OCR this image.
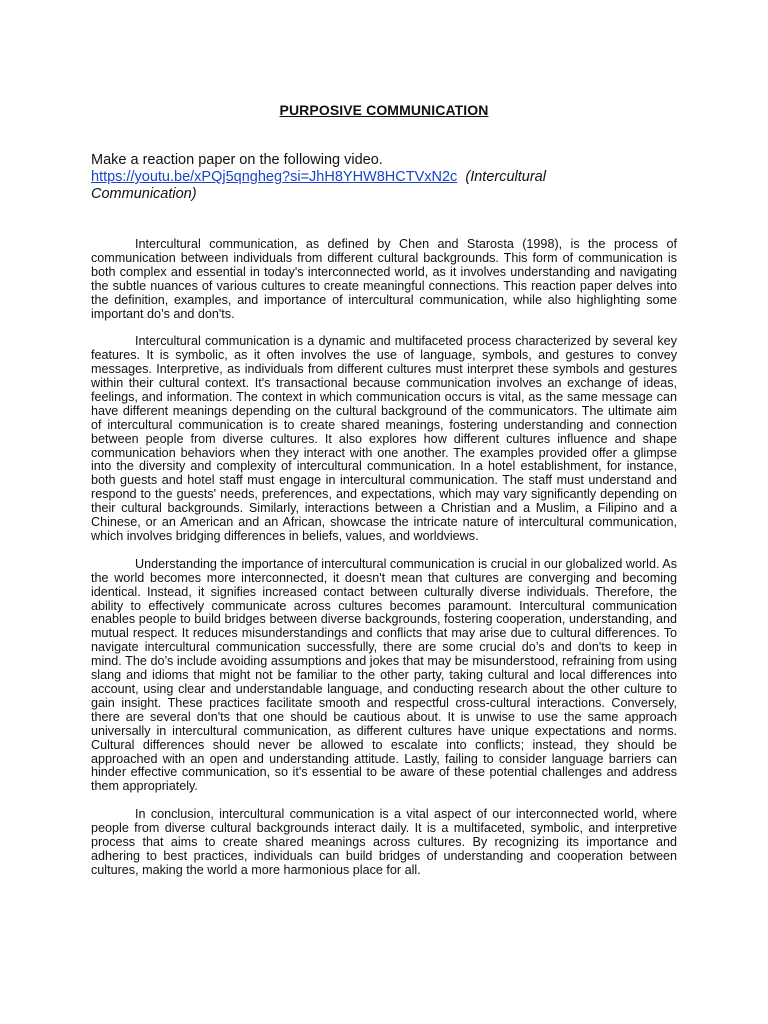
PURPOSIVE COMMUNICATION
Make a reaction paper on the following video.
https://youtu.be/xPQj5qngheg?si=JhH8YHW8HCTVxN2c (Intercultural
Communication)

Intercultural communication, as defined by Chen and Starosta (1998), is the process of communication between individuals from different cultural backgrounds. This form of communication is both complex and essential in today's interconnected world, as it involves understanding and navigating the subtle nuances of various cultures to create meaningful connections. This reaction paper delves into the definition, examples, and importance of intercultural communication, while also highlighting some important do’s and don'ts.

Intercultural communication is a dynamic and multifaceted process characterized by several key features. It is symbolic, as it often involves the use of language, symbols, and gestures to convey messages. Interpretive, as individuals from different cultures must interpret these symbols and gestures within their cultural context. It's transactional because communication involves an exchange of ideas, feelings, and information. The context in which communication occurs is vital, as the same message can have different meanings depending on the cultural background of the communicators. The ultimate aim of intercultural communication is to create shared meanings, fostering understanding and connection between people from diverse cultures. It also explores how different cultures influence and shape communication behaviors when they interact with one another. The examples provided offer a glimpse into the diversity and complexity of intercultural communication. In a hotel establishment, for instance, both guests and hotel staff must engage in intercultural communication. The staff must understand and respond to the guests' needs, preferences, and expectations, which may vary significantly depending on their cultural backgrounds. Similarly, interactions between a Christian and a Muslim, a Filipino and a Chinese, or an American and an African, showcase the intricate nature of intercultural communication, which involves bridging differences in beliefs, values, and worldviews.

Understanding the importance of intercultural communication is crucial in our globalized world. As the world becomes more interconnected, it doesn't mean that cultures are converging and becoming identical. Instead, it signifies increased contact between culturally diverse individuals. Therefore, the ability to effectively communicate across cultures becomes paramount. Intercultural communication enables people to build bridges between diverse backgrounds, fostering cooperation, understanding, and mutual respect. It reduces misunderstandings and conflicts that may arise due to cultural differences. To navigate intercultural communication successfully, there are some crucial do’s and don'ts to keep in mind. The do’s include avoiding assumptions and jokes that may be misunderstood, refraining from using slang and idioms that might not be familiar to the other party, taking cultural and local differences into account, using clear and understandable language, and conducting research about the other culture to gain insight. These practices facilitate smooth and respectful cross-cultural interactions. Conversely, there are several don'ts that one should be cautious about. It is unwise to use the same approach universally in intercultural communication, as different cultures have unique expectations and norms. Cultural differences should never be allowed to escalate into conflicts; instead, they should be approached with an open and understanding attitude. Lastly, failing to consider language barriers can hinder effective communication, so it's essential to be aware of these potential challenges and address them appropriately.

In conclusion, intercultural communication is a vital aspect of our interconnected world, where people from diverse cultural backgrounds interact daily. It is a multifaceted, symbolic, and interpretive process that aims to create shared meanings across cultures. By recognizing its importance and adhering to best practices, individuals can build bridges of understanding and cooperation between cultures, making the world a more harmonious place for all.
